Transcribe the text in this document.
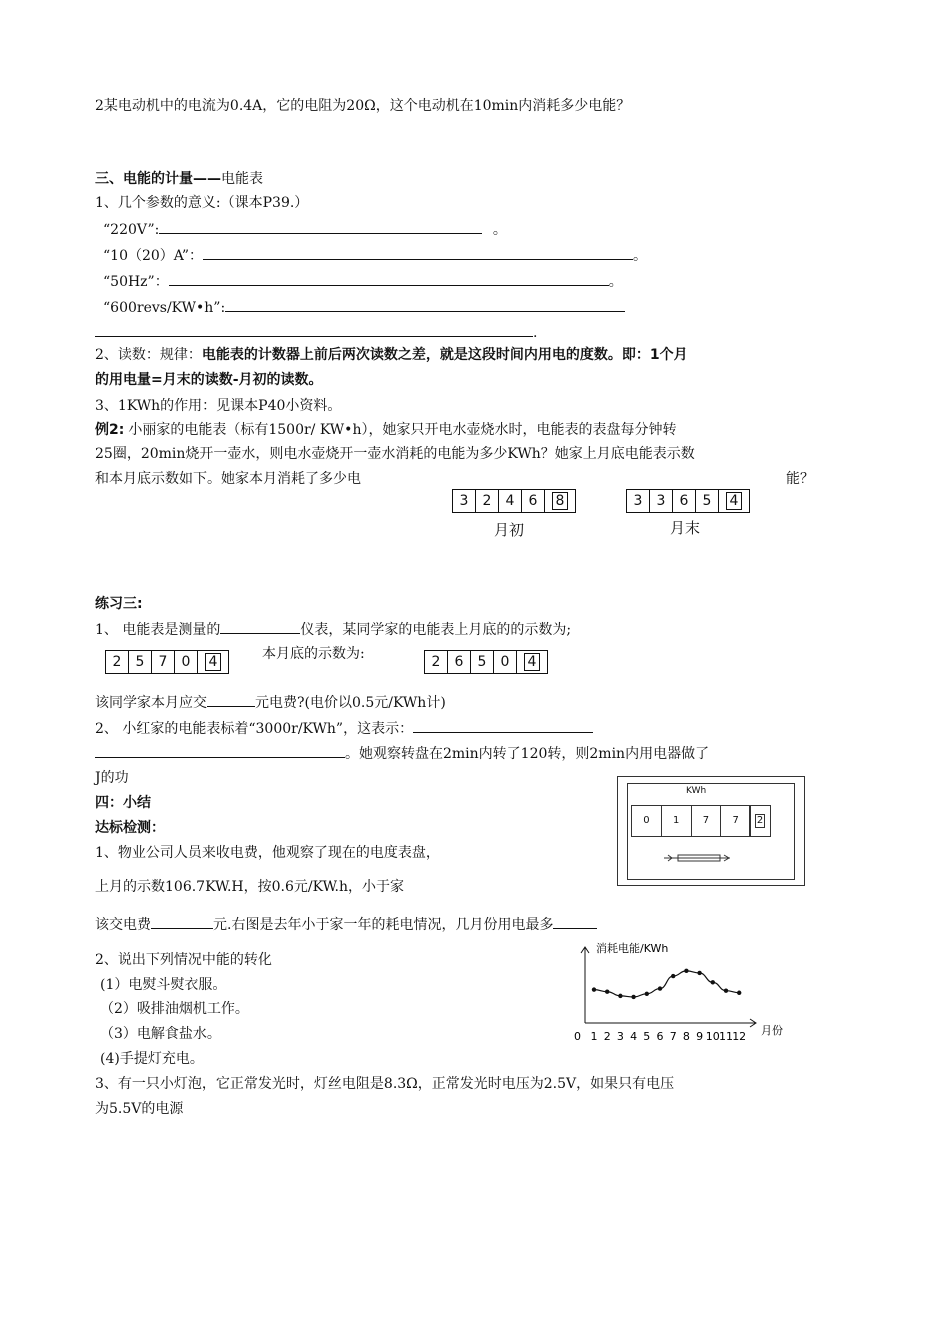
2某电动机中的电流为0.4A，它的电阻为20Ω，这个电动机在10min内消耗多少电能？
三、电能的计量——电能表
1、几个参数的意义:（课本P39.）
“220V”:	。
“10（20）A”：	。
“50Hz”：	。
“600revs/KW•h”:
.
2、读数：规律：电能表的计数器上前后两次读数之差，就是这段时间内用电的度数。即：1个月
的用电量=月末的读数-月初的读数。
3、1KWh的作用：见课本P40小资料。
例2: 小丽家的电能表（标有1500r/ KW•h），她家只开电水壶烧水时，电能表的表盘每分钟转
25圈，20min烧开一壶水，则电水壶烧开一壶水消耗的电能为多少KWh？她家上月底电能表示数
和本月底示数如下。她家本月消耗了多少电	能？
3	2	4	6	8
月初
3	3	6	5	4
月末
练习三:
1、 电能表是测量的	仪表，某同学家的电能表上月底的的示数为;
2	5	7	0	4	本月底的示数为:	2	6	5	0	4
该同学家本月应交	元电费?(电价以0.5元/KWh计)
2、 小红家的电能表标着“3000r/KWh”，这表示：
。她观察转盘在2min内转了120转，则2min内用电器做了
J的功
四：小结
达标检测：
1、物业公司人员来收电费，他观察了现在的电度表盘，
上月的示数106.7KW.H，按0.6元/KW.h，小于家
该交电费	元.右图是去年小于家一年的耗电情况，几月份用电最多
KWh
0	1	7	7	2
消耗电能/KWh
0	月份
1 2 3 4 5 6 7 8 9 10 11 12
2、说出下列情况中能的转化
(1）电熨斗熨衣服。
（2）吸排油烟机工作。
（3）电解食盐水。
(4)手提灯充电。
3、有一只小灯泡，它正常发光时，灯丝电阻是8.3Ω，正常发光时电压为2.5V，如果只有电压
为5.5V的电源
